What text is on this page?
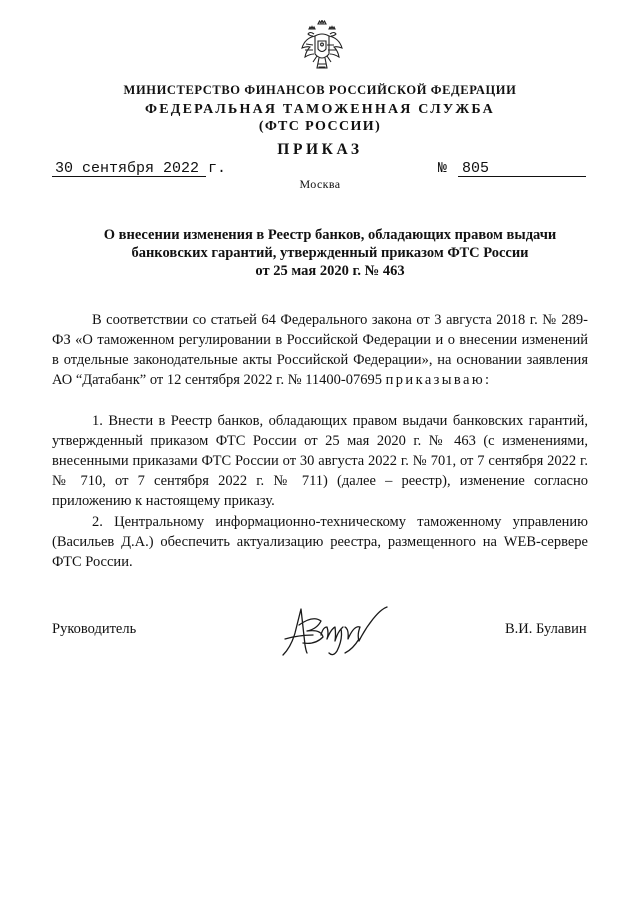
МИНИСТЕРСТВО ФИНАНСОВ РОССИЙСКОЙ ФЕДЕРАЦИИ
ФЕДЕРАЛЬНАЯ ТАМОЖЕННАЯ СЛУЖБА
(ФТС РОССИИ)
ПРИКАЗ
30 сентября 2022 г.	№ 805
Москва

О внесении изменения в Реестр банков, обладающих правом выдачи
банковских гарантий, утвержденный приказом ФТС России
от 25 мая 2020 г. № 463

В соответствии со статьей 64 Федерального закона от 3 августа 2018 г. № 289-ФЗ «О таможенном регулировании в Российской Федерации и о внесении изменений в отдельные законодательные акты Российской Федерации», на основании заявления АО “Датабанк” от 12 сентября 2022 г. № 11400-07695 приказываю:

1. Внести в Реестр банков, обладающих правом выдачи банковских гарантий, утвержденный приказом ФТС России от 25 мая 2020 г. № 463 (с изменениями, внесенными приказами ФТС России от 30 августа 2022 г. № 701, от 7 сентября 2022 г. № 710, от 7 сентября 2022 г. № 711) (далее – реестр), изменение согласно приложению к настоящему приказу.

2. Центральному информационно-техническому таможенному управлению (Васильев Д.А.) обеспечить актуализацию реестра, размещенного на WEB-сервере ФТС России.

Руководитель	В.И. Булавин
